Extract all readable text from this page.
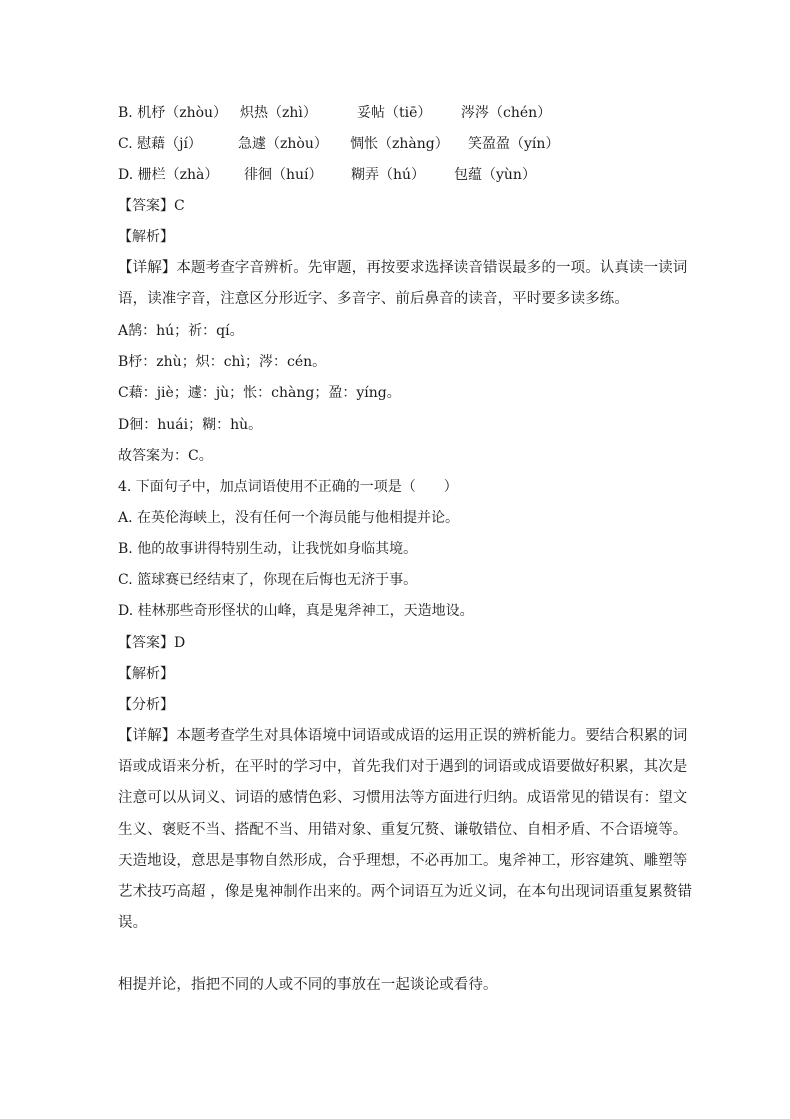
B. 机杼（zhòu） 炽热（zhì）	妥帖（tiē） 涔涔（chén）
C. 慰藉（jí）	急遽（zhòu） 惆怅（zhàng） 笑盈盈（yín）
D. 栅栏（zhà） 徘徊（huí） 糊弄（hú） 包蕴（yùn）
【答案】C
【解析】
【详解】本题考查字音辨析。先审题，再按要求选择读音错误最多的一项。认真读一读词
语，读准字音，注意区分形近字、多音字、前后鼻音的读音，平时要多读多练。
A鹄：hú；祈：qí。
B杼：zhù；炽：chì；涔：cén。
C藉：jiè；遽：jù；怅：chàng；盈：yíng。
D徊：huái；糊：hù。
故答案为：C。
4. 下面句子中，加点词语使用不正确的一项是（　　）
A. 在英伦海峡上，没有任何一个海员能与他相提并论。
B. 他的故事讲得特别生动，让我恍如身临其境。
C. 篮球赛已经结束了，你现在后悔也无济于事。
D. 桂林那些奇形怪状的山峰，真是鬼斧神工，天造地设。
【答案】D
【解析】
【分析】
【详解】本题考查学生对具体语境中词语或成语的运用正误的辨析能力。要结合积累的词
语或成语来分析，在平时的学习中，首先我们对于遇到的词语或成语要做好积累，其次是
注意可以从词义、词语的感情色彩、习惯用法等方面进行归纳。成语常见的错误有：望文
生义、褒贬不当、搭配不当、用错对象、重复冗赘、谦敬错位、自相矛盾、不合语境等。
天造地设，意思是事物自然形成，合乎理想，不必再加工。鬼斧神工，形容建筑、雕塑等
艺术技巧高超 ，像是鬼神制作出来的。两个词语互为近义词，在本句出现词语重复累赘错
误。
相提并论，指把不同的人或不同的事放在一起谈论或看待。
